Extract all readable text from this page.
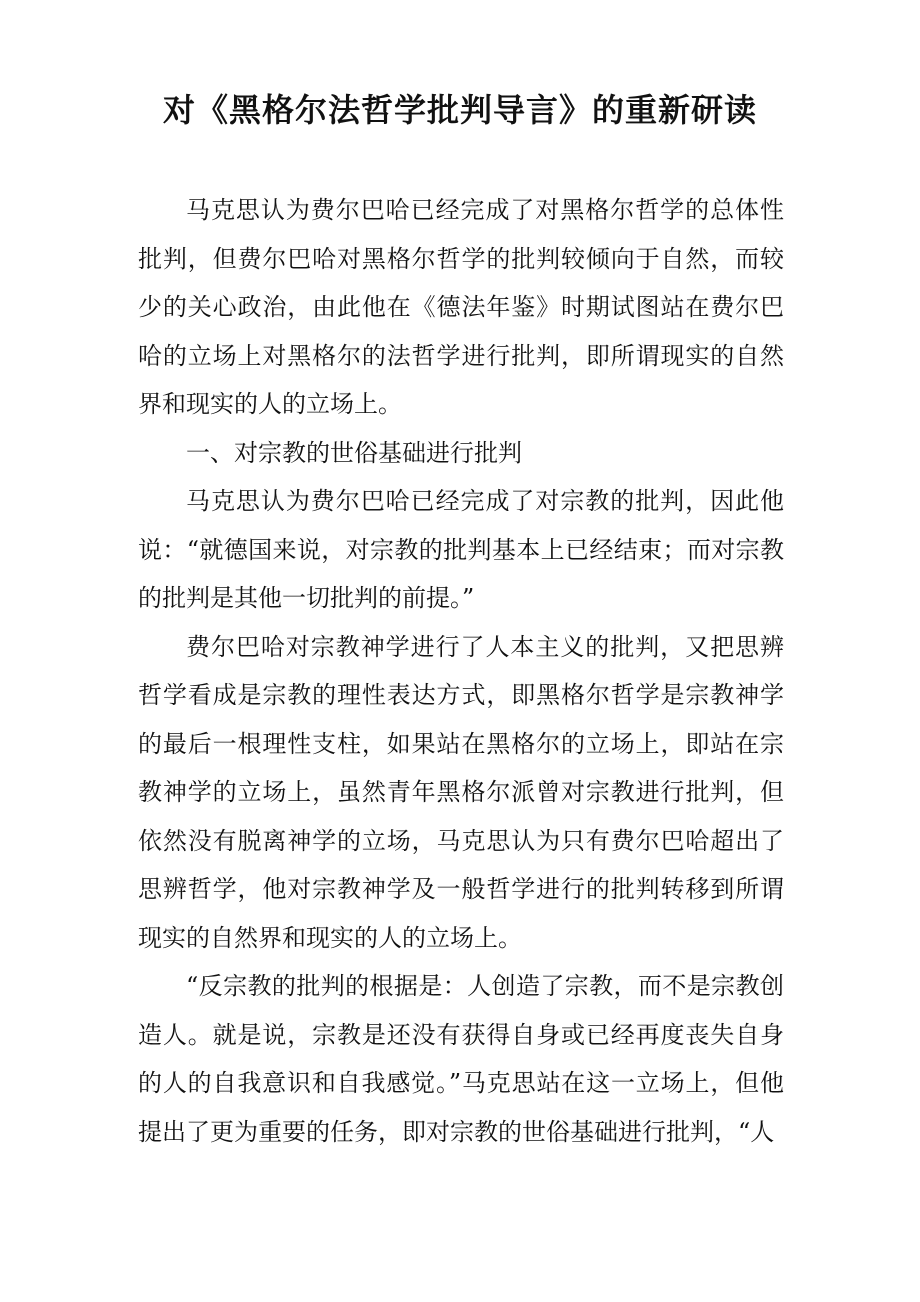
对《黑格尔法哲学批判导言》的重新研读

马克思认为费尔巴哈已经完成了对黑格尔哲学的总体性批判，但费尔巴哈对黑格尔哲学的批判较倾向于自然，而较少的关心政治，由此他在《德法年鉴》时期试图站在费尔巴哈的立场上对黑格尔的法哲学进行批判，即所谓现实的自然界和现实的人的立场上。

一、对宗教的世俗基础进行批判

马克思认为费尔巴哈已经完成了对宗教的批判，因此他说：“就德国来说，对宗教的批判基本上已经结束；而对宗教的批判是其他一切批判的前提。”

费尔巴哈对宗教神学进行了人本主义的批判，又把思辨哲学看成是宗教的理性表达方式，即黑格尔哲学是宗教神学的最后一根理性支柱，如果站在黑格尔的立场上，即站在宗教神学的立场上，虽然青年黑格尔派曾对宗教进行批判，但依然没有脱离神学的立场，马克思认为只有费尔巴哈超出了思辨哲学，他对宗教神学及一般哲学进行的批判转移到所谓现实的自然界和现实的人的立场上。

“反宗教的批判的根据是：人创造了宗教，而不是宗教创造人。就是说，宗教是还没有获得自身或已经再度丧失自身的人的自我意识和自我感觉。”马克思站在这一立场上，但他提出了更为重要的任务，即对宗教的世俗基础进行批判，“人
